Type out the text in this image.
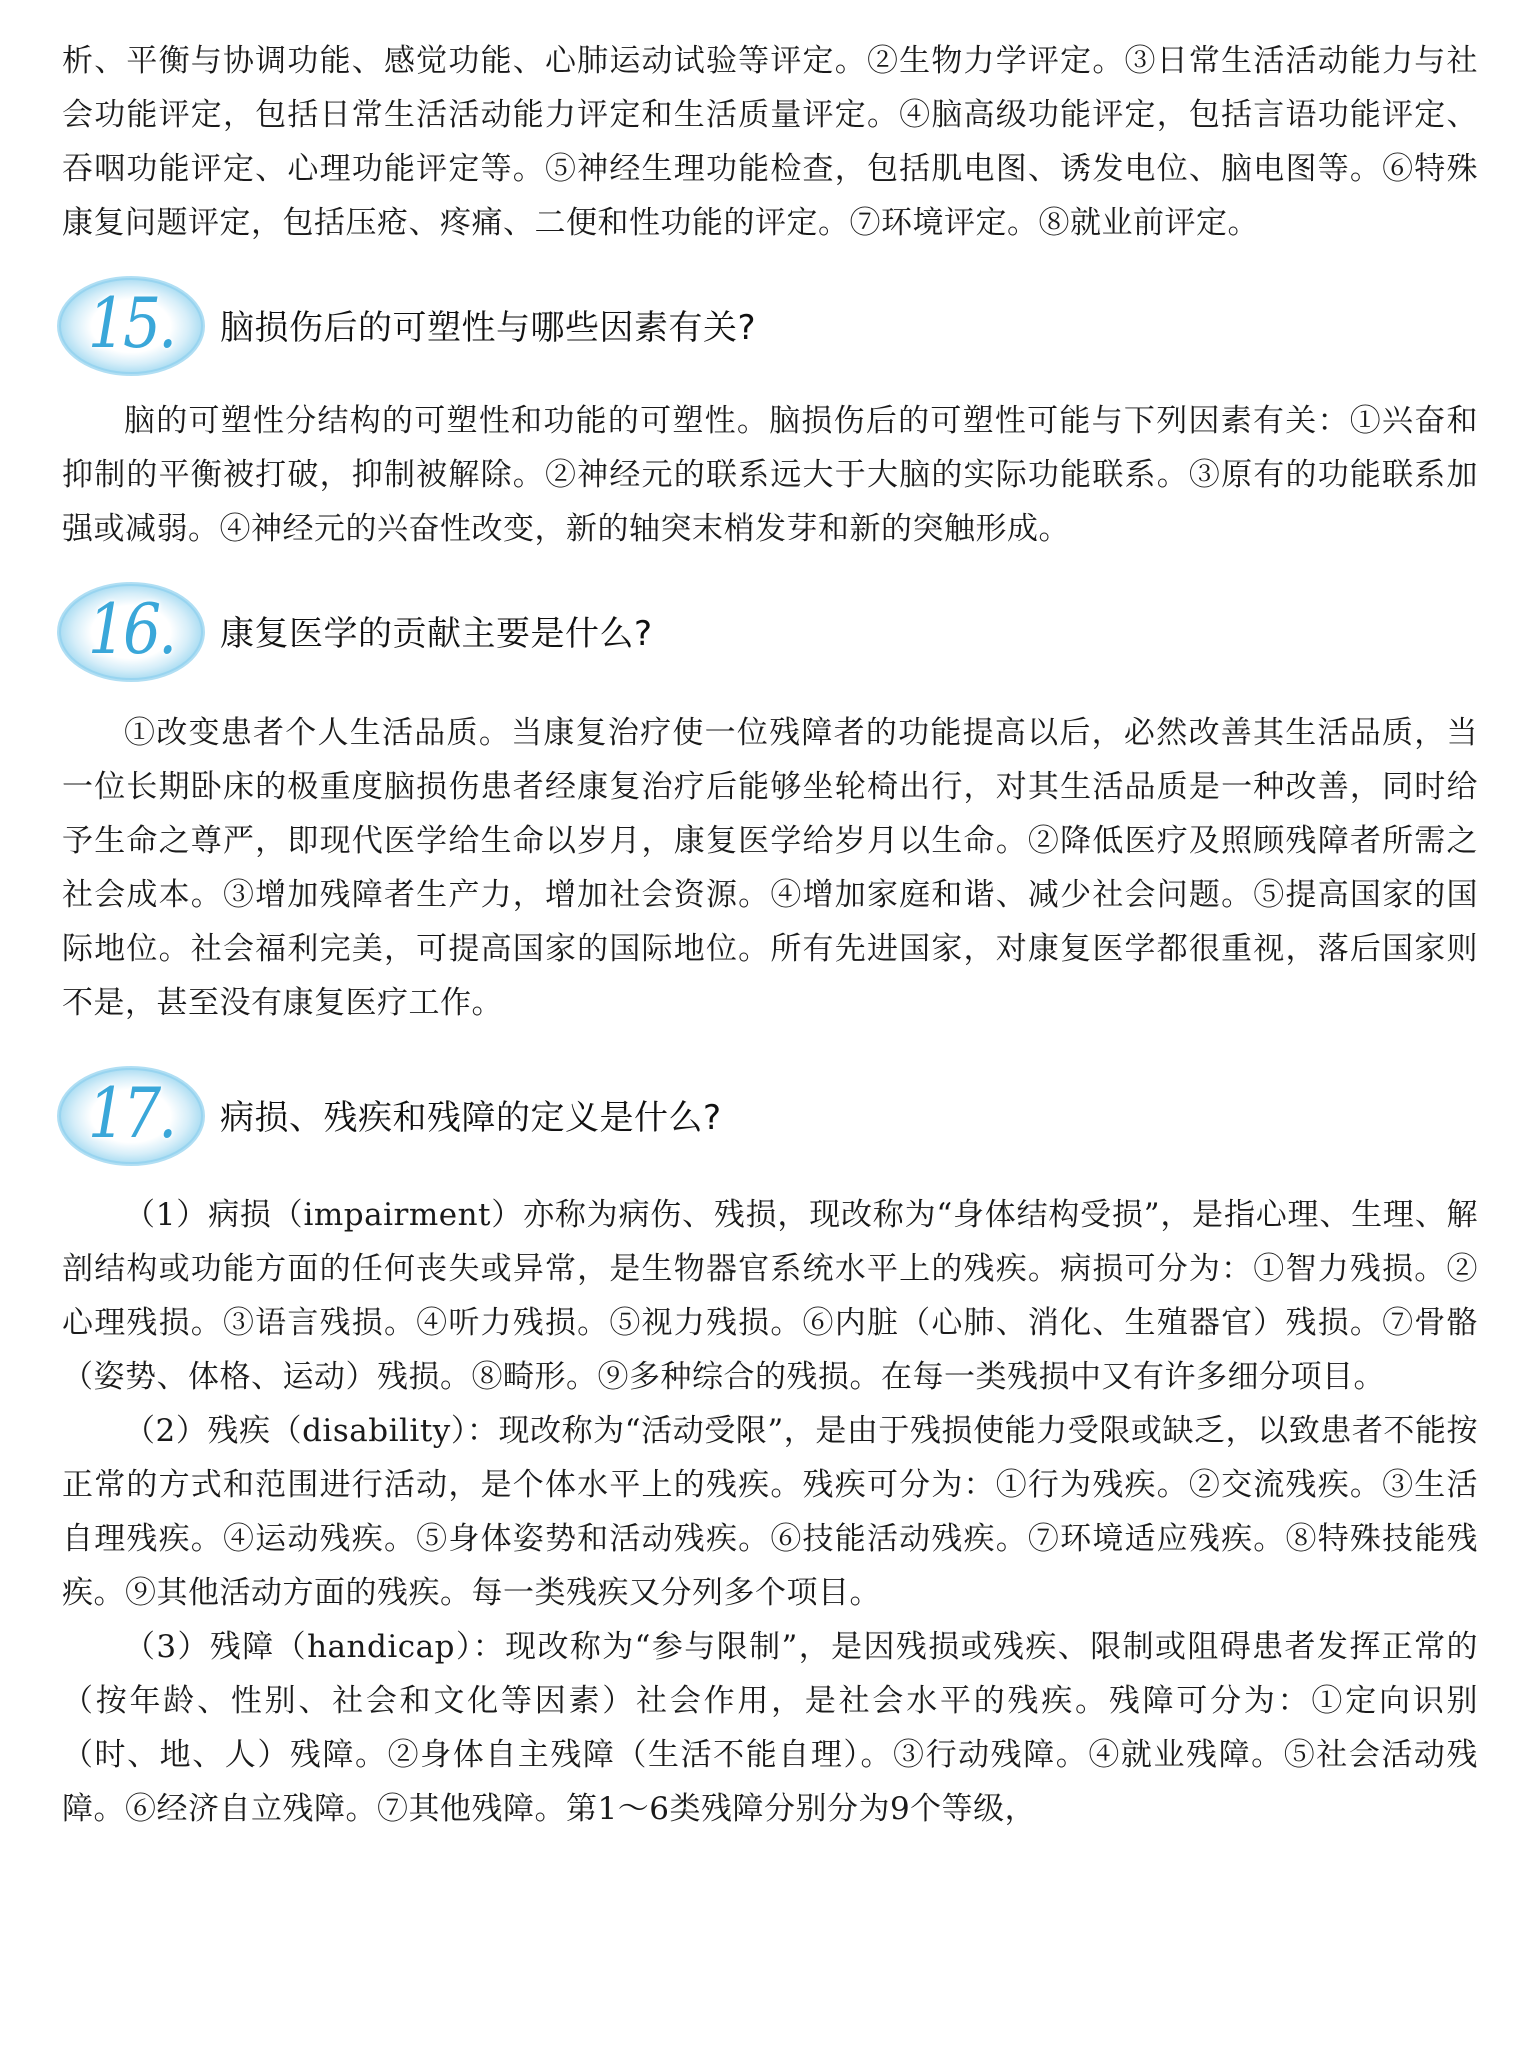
析、平衡与协调功能、感觉功能、心肺运动试验等评定。②生物力学评定。③日常生活活动能力与社会功能评定，包括日常生活活动能力评定和生活质量评定。④脑高级功能评定，包括言语功能评定、吞咽功能评定、心理功能评定等。⑤神经生理功能检查，包括肌电图、诱发电位、脑电图等。⑥特殊康复问题评定，包括压疮、疼痛、二便和性功能的评定。⑦环境评定。⑧就业前评定。

15.	脑损伤后的可塑性与哪些因素有关?

脑的可塑性分结构的可塑性和功能的可塑性。脑损伤后的可塑性可能与下列因素有关：①兴奋和抑制的平衡被打破，抑制被解除。②神经元的联系远大于大脑的实际功能联系。③原有的功能联系加强或减弱。④神经元的兴奋性改变，新的轴突末梢发芽和新的突触形成。

16.	康复医学的贡献主要是什么?

①改变患者个人生活品质。当康复治疗使一位残障者的功能提高以后，必然改善其生活品质，当一位长期卧床的极重度脑损伤患者经康复治疗后能够坐轮椅出行，对其生活品质是一种改善，同时给予生命之尊严，即现代医学给生命以岁月，康复医学给岁月以生命。②降低医疗及照顾残障者所需之社会成本。③增加残障者生产力，增加社会资源。④增加家庭和谐、减少社会问题。⑤提高国家的国际地位。社会福利完美，可提高国家的国际地位。所有先进国家，对康复医学都很重视，落后国家则不是，甚至没有康复医疗工作。

17.	病损、残疾和残障的定义是什么?

（1）病损（impairment）亦称为病伤、残损，现改称为“身体结构受损”，是指心理、生理、解剖结构或功能方面的任何丧失或异常，是生物器官系统水平上的残疾。病损可分为：①智力残损。②心理残损。③语言残损。④听力残损。⑤视力残损。⑥内脏（心肺、消化、生殖器官）残损。⑦骨骼（姿势、体格、运动）残损。⑧畸形。⑨多种综合的残损。在每一类残损中又有许多细分项目。

（2）残疾（disability）：现改称为“活动受限”，是由于残损使能力受限或缺乏，以致患者不能按正常的方式和范围进行活动，是个体水平上的残疾。残疾可分为：①行为残疾。②交流残疾。③生活自理残疾。④运动残疾。⑤身体姿势和活动残疾。⑥技能活动残疾。⑦环境适应残疾。⑧特殊技能残疾。⑨其他活动方面的残疾。每一类残疾又分列多个项目。

（3）残障（handicap）：现改称为“参与限制”，是因残损或残疾、限制或阻碍患者发挥正常的（按年龄、性别、社会和文化等因素）社会作用，是社会水平的残疾。残障可分为：①定向识别（时、地、人）残障。②身体自主残障（生活不能自理）。③行动残障。④就业残障。⑤社会活动残障。⑥经济自立残障。⑦其他残障。第1～6类残障分别分为9个等级，
